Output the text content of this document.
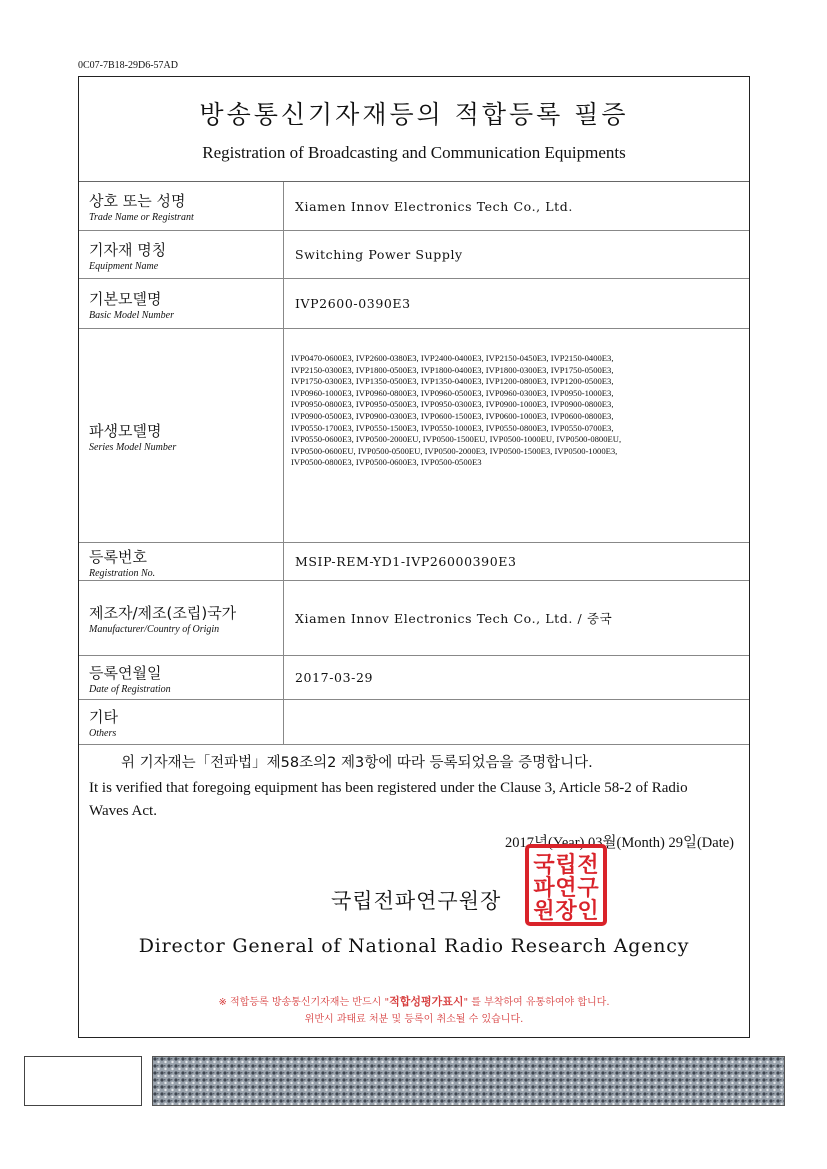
0C07-7B18-29D6-57AD
방송통신기자재등의 적합등록 필증
Registration of Broadcasting and Communication Equipments
상호 또는 성명
Trade Name or Registrant
Xiamen Innov Electronics Tech Co., Ltd.
기자재 명칭
Equipment Name
Switching Power Supply
기본모델명
Basic Model Number
IVP2600-0390E3
파생모델명
Series Model Number
IVP0470-0600E3, IVP2600-0380E3, IVP2400-0400E3, IVP2150-0450E3, IVP2150-0400E3,
IVP2150-0300E3, IVP1800-0500E3, IVP1800-0400E3, IVP1800-0300E3, IVP1750-0500E3,
IVP1750-0300E3, IVP1350-0500E3, IVP1350-0400E3, IVP1200-0800E3, IVP1200-0500E3,
IVP0960-1000E3, IVP0960-0800E3, IVP0960-0500E3, IVP0960-0300E3, IVP0950-1000E3,
IVP0950-0800E3, IVP0950-0500E3, IVP0950-0300E3, IVP0900-1000E3, IVP0900-0800E3,
IVP0900-0500E3, IVP0900-0300E3, IVP0600-1500E3, IVP0600-1000E3, IVP0600-0800E3,
IVP0550-1700E3, IVP0550-1500E3, IVP0550-1000E3, IVP0550-0800E3, IVP0550-0700E3,
IVP0550-0600E3, IVP0500-2000EU, IVP0500-1500EU, IVP0500-1000EU, IVP0500-0800EU,
IVP0500-0600EU, IVP0500-0500EU, IVP0500-2000E3, IVP0500-1500E3, IVP0500-1000E3,
IVP0500-0800E3, IVP0500-0600E3, IVP0500-0500E3
등록번호
Registration No.
MSIP-REM-YD1-IVP26000390E3
제조자/제조(조립)국가
Manufacturer/Country of Origin
Xiamen Innov Electronics Tech Co., Ltd. / 중국
등록연월일
Date of Registration
2017-03-29
기타
Others
위 기자재는「전파법」제58조의2 제3항에 따라 등록되었음을 증명합니다.
It is verified that foregoing equipment has been registered under the Clause 3, Article 58-2 of Radio Waves Act.
2017년(Year) 03월(Month) 29일(Date)
국립전파연구원장
국 립 전
파 연 구
원 장 인
Director General of National Radio Research Agency
※ 적합등록 방송통신기자재는 반드시 "적합성평가표시" 를 부착하여 유통하여야 합니다.
위반시 과태료 처분 및 등록이 취소될 수 있습니다.
